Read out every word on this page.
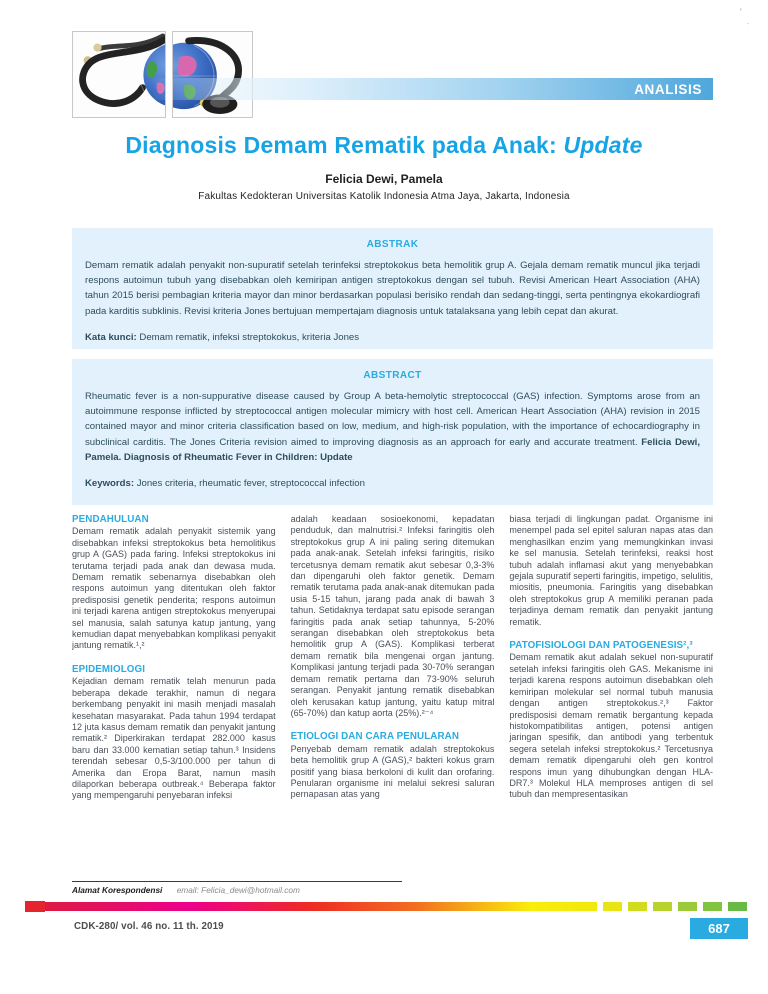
'
-
ANALISIS
Diagnosis Demam Rematik pada Anak: Update
Felicia Dewi, Pamela
Fakultas Kedokteran Universitas Katolik Indonesia Atma Jaya, Jakarta, Indonesia
ABSTRAK

Demam rematik adalah penyakit non-supuratif setelah terinfeksi streptokokus beta hemolitik grup A. Gejala demam rematik muncul jika terjadi respons autoimun tubuh yang disebabkan oleh kemiripan antigen streptokokus dengan sel tubuh. Revisi American Heart Association (AHA) tahun 2015 berisi pembagian kriteria mayor dan minor berdasarkan populasi berisiko rendah dan sedang-tinggi, serta pentingnya ekokardiografi pada karditis subklinis. Revisi kriteria Jones bertujuan mempertajam diagnosis untuk tatalaksana yang lebih cepat dan akurat.

Kata kunci: Demam rematik, infeksi streptokokus, kriteria Jones

ABSTRACT

Rheumatic fever is a non-suppurative disease caused by Group A beta-hemolytic streptococcal (GAS) infection. Symptoms arose from an autoimmune response inflicted by streptococcal antigen molecular mimicry with host cell. American Heart Association (AHA) revision in 2015 contained mayor and minor criteria classification based on low, medium, and high-risk population, with the importance of echocardiography in subclinical carditis. The Jones Criteria revision aimed to improving diagnosis as an approach for early and accurate treatment. Felicia Dewi, Pamela. Diagnosis of Rheumatic Fever in Children: Update

Keywords: Jones criteria, rheumatic fever, streptococcal infection

PENDAHULUAN

Demam rematik adalah penyakit sistemik yang disebabkan infeksi streptokokus beta hemolitikus grup A (GAS) pada faring. Infeksi streptokokus ini terutama terjadi pada anak dan dewasa muda. Demam rematik sebenarnya disebabkan oleh respons autoimun yang ditentukan oleh faktor predisposisi genetik penderita; respons autoimun ini terjadi karena antigen streptokokus menyerupai sel manusia, salah satunya katup jantung, yang kemudian dapat menyebabkan komplikasi penyakit jantung rematik.¹,²

EPIDEMIOLOGI

Kejadian demam rematik telah menurun pada beberapa dekade terakhir, namun di negara berkembang penyakit ini masih menjadi masalah kesehatan masyarakat. Pada tahun 1994 terdapat 12 juta kasus demam rematik dan penyakit jantung rematik.² Diperkirakan terdapat 282.000 kasus baru dan 33.000 kematian setiap tahun.³ Insidens terendah sebesar 0,5-3/100.000 per tahun di Amerika dan Eropa Barat, namun masih dilaporkan beberapa outbreak.⁴ Beberapa faktor yang mempengaruhi penyebaran infeksi

adalah keadaan sosioekonomi, kepadatan penduduk, dan malnutrisi.² Infeksi faringitis oleh streptokokus grup A ini paling sering ditemukan pada anak-anak. Setelah infeksi faringitis, risiko tercetusnya demam rematik akut sebesar 0,3-3% dan dipengaruhi oleh faktor genetik. Demam rematik terutama pada anak-anak ditemukan pada usia 5-15 tahun, jarang pada anak di bawah 3 tahun. Setidaknya terdapat satu episode serangan faringitis pada anak setiap tahunnya, 5-20% serangan disebabkan oleh streptokokus beta hemolitik grup A (GAS). Komplikasi terberat demam rematik bila mengenai organ jantung. Komplikasi jantung terjadi pada 30-70% serangan demam rematik pertama dan 73-90% seluruh serangan. Penyakit jantung rematik disebabkan oleh kerusakan katup jantung, yaitu katup mitral (65-70%) dan katup aorta (25%).²⁻⁴

ETIOLOGI DAN CARA PENULARAN

Penyebab demam rematik adalah streptokokus beta hemolitik grup A (GAS),² bakteri kokus gram positif yang biasa berkoloni di kulit dan orofaring. Penularan organisme ini melalui sekresi saluran pernapasan atas yang

biasa terjadi di lingkungan padat. Organisme ini menempel pada sel epitel saluran napas atas dan menghasilkan enzim yang memungkinkan invasi ke sel manusia. Setelah terinfeksi, reaksi host tubuh adalah inflamasi akut yang menyebabkan gejala supuratif seperti faringitis, impetigo, selulitis, miositis, pneumonia. Faringitis yang disebabkan oleh streptokokus grup A memiliki peranan pada terjadinya demam rematik dan penyakit jantung rematik.

PATOFISIOLOGI DAN PATOGENESIS²,³

Demam rematik akut adalah sekuel non-supuratif setelah infeksi faringitis oleh GAS. Mekanisme ini terjadi karena respons autoimun disebabkan oleh kemiripan molekular sel normal tubuh manusia dengan antigen streptokokus.²,³ Faktor predisposisi demam rematik bergantung kepada histokompatibilitas antigen, potensi antigen jaringan spesifik, dan antibodi yang terbentuk segera setelah infeksi streptokokus.² Tercetusnya demam rematik dipengaruhi oleh gen kontrol respons imun yang dihubungkan dengan HLA-DR7.³ Molekul HLA memproses antigen di sel tubuh dan mempresentasikan

Alamat Korespondensi email: Felicia_dewi@hotmail.com
CDK-280/ vol. 46 no. 11 th. 2019	687
